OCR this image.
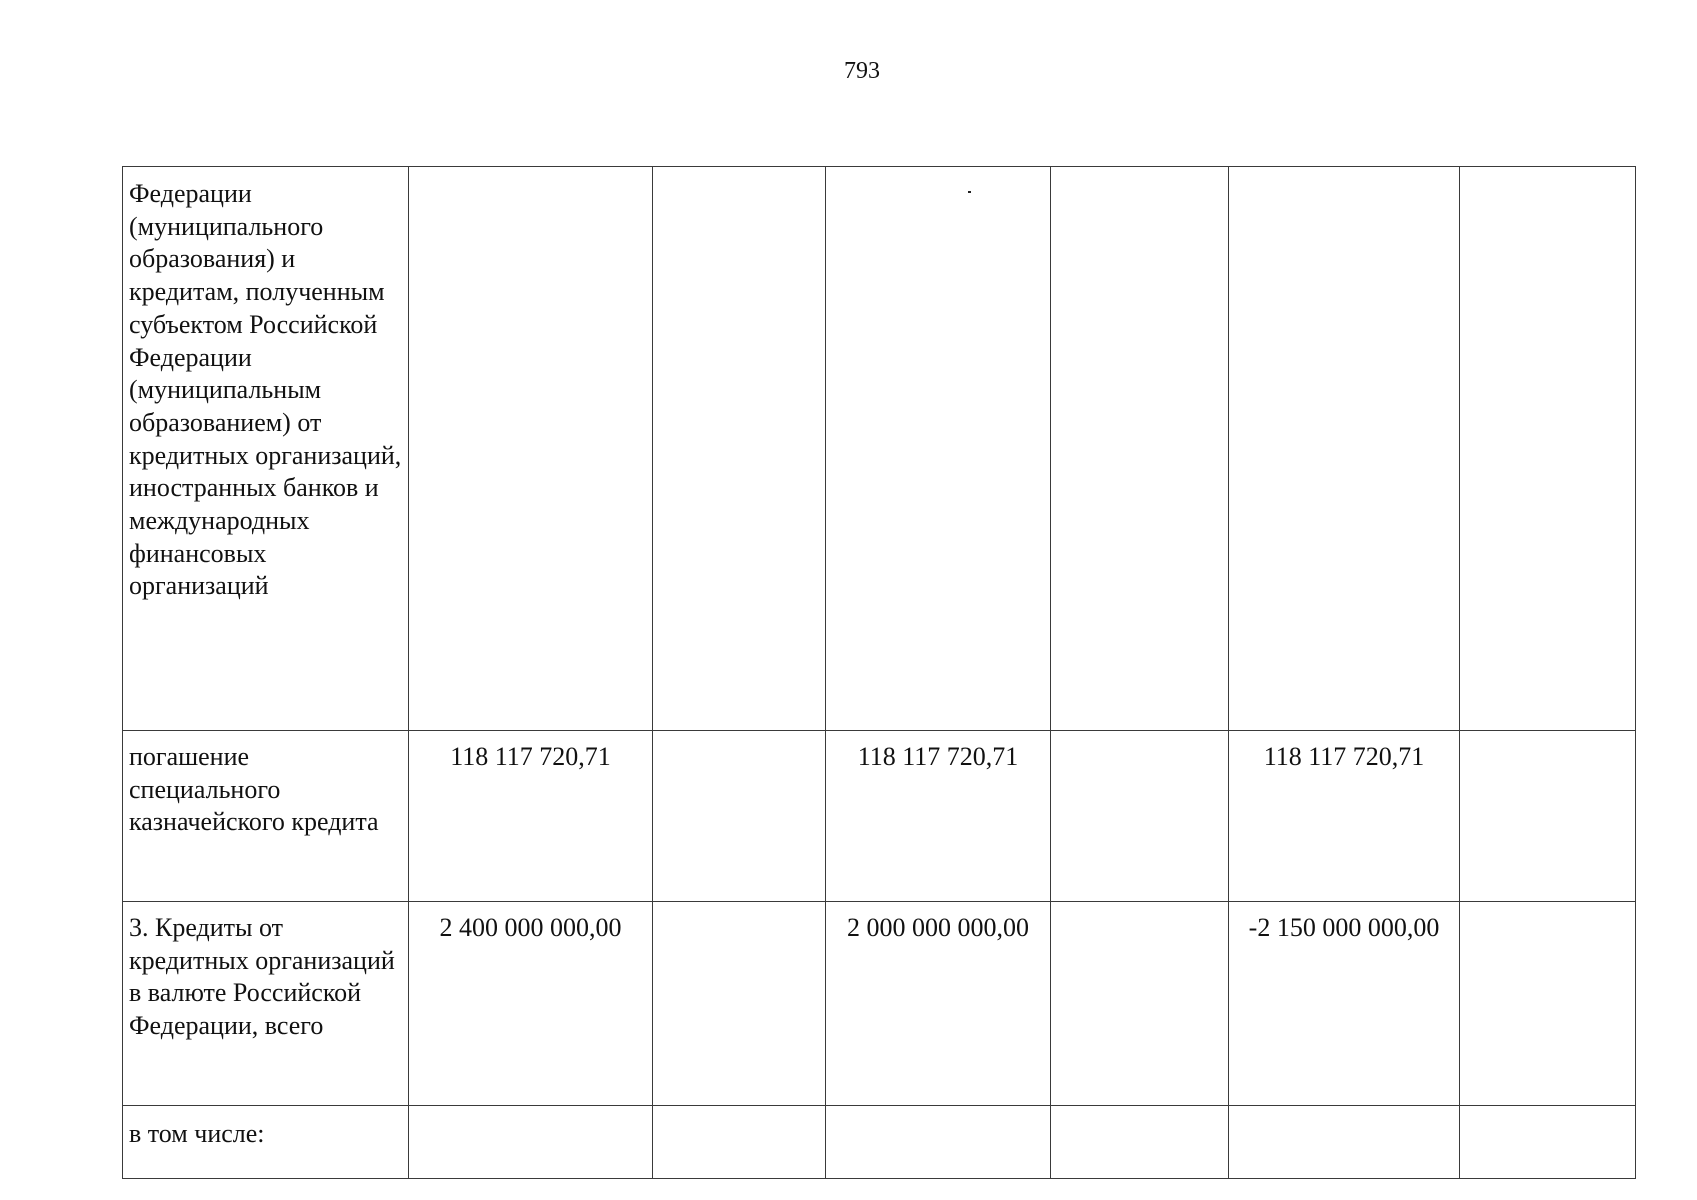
793
Федерации (муниципального образования) и кредитам, полученным субъектом Российской Федерации (муниципальным образованием) от кредитных организаций, иностранных банков и международных финансовых организаций						
погашение специального казначейского кредита	118 117 720,71		118 117 720,71		118 117 720,71	
3. Кредиты от кредитных организаций в валюте Российской Федерации, всего	2 400 000 000,00		2 000 000 000,00		-2 150 000 000,00	
в том числе:						
